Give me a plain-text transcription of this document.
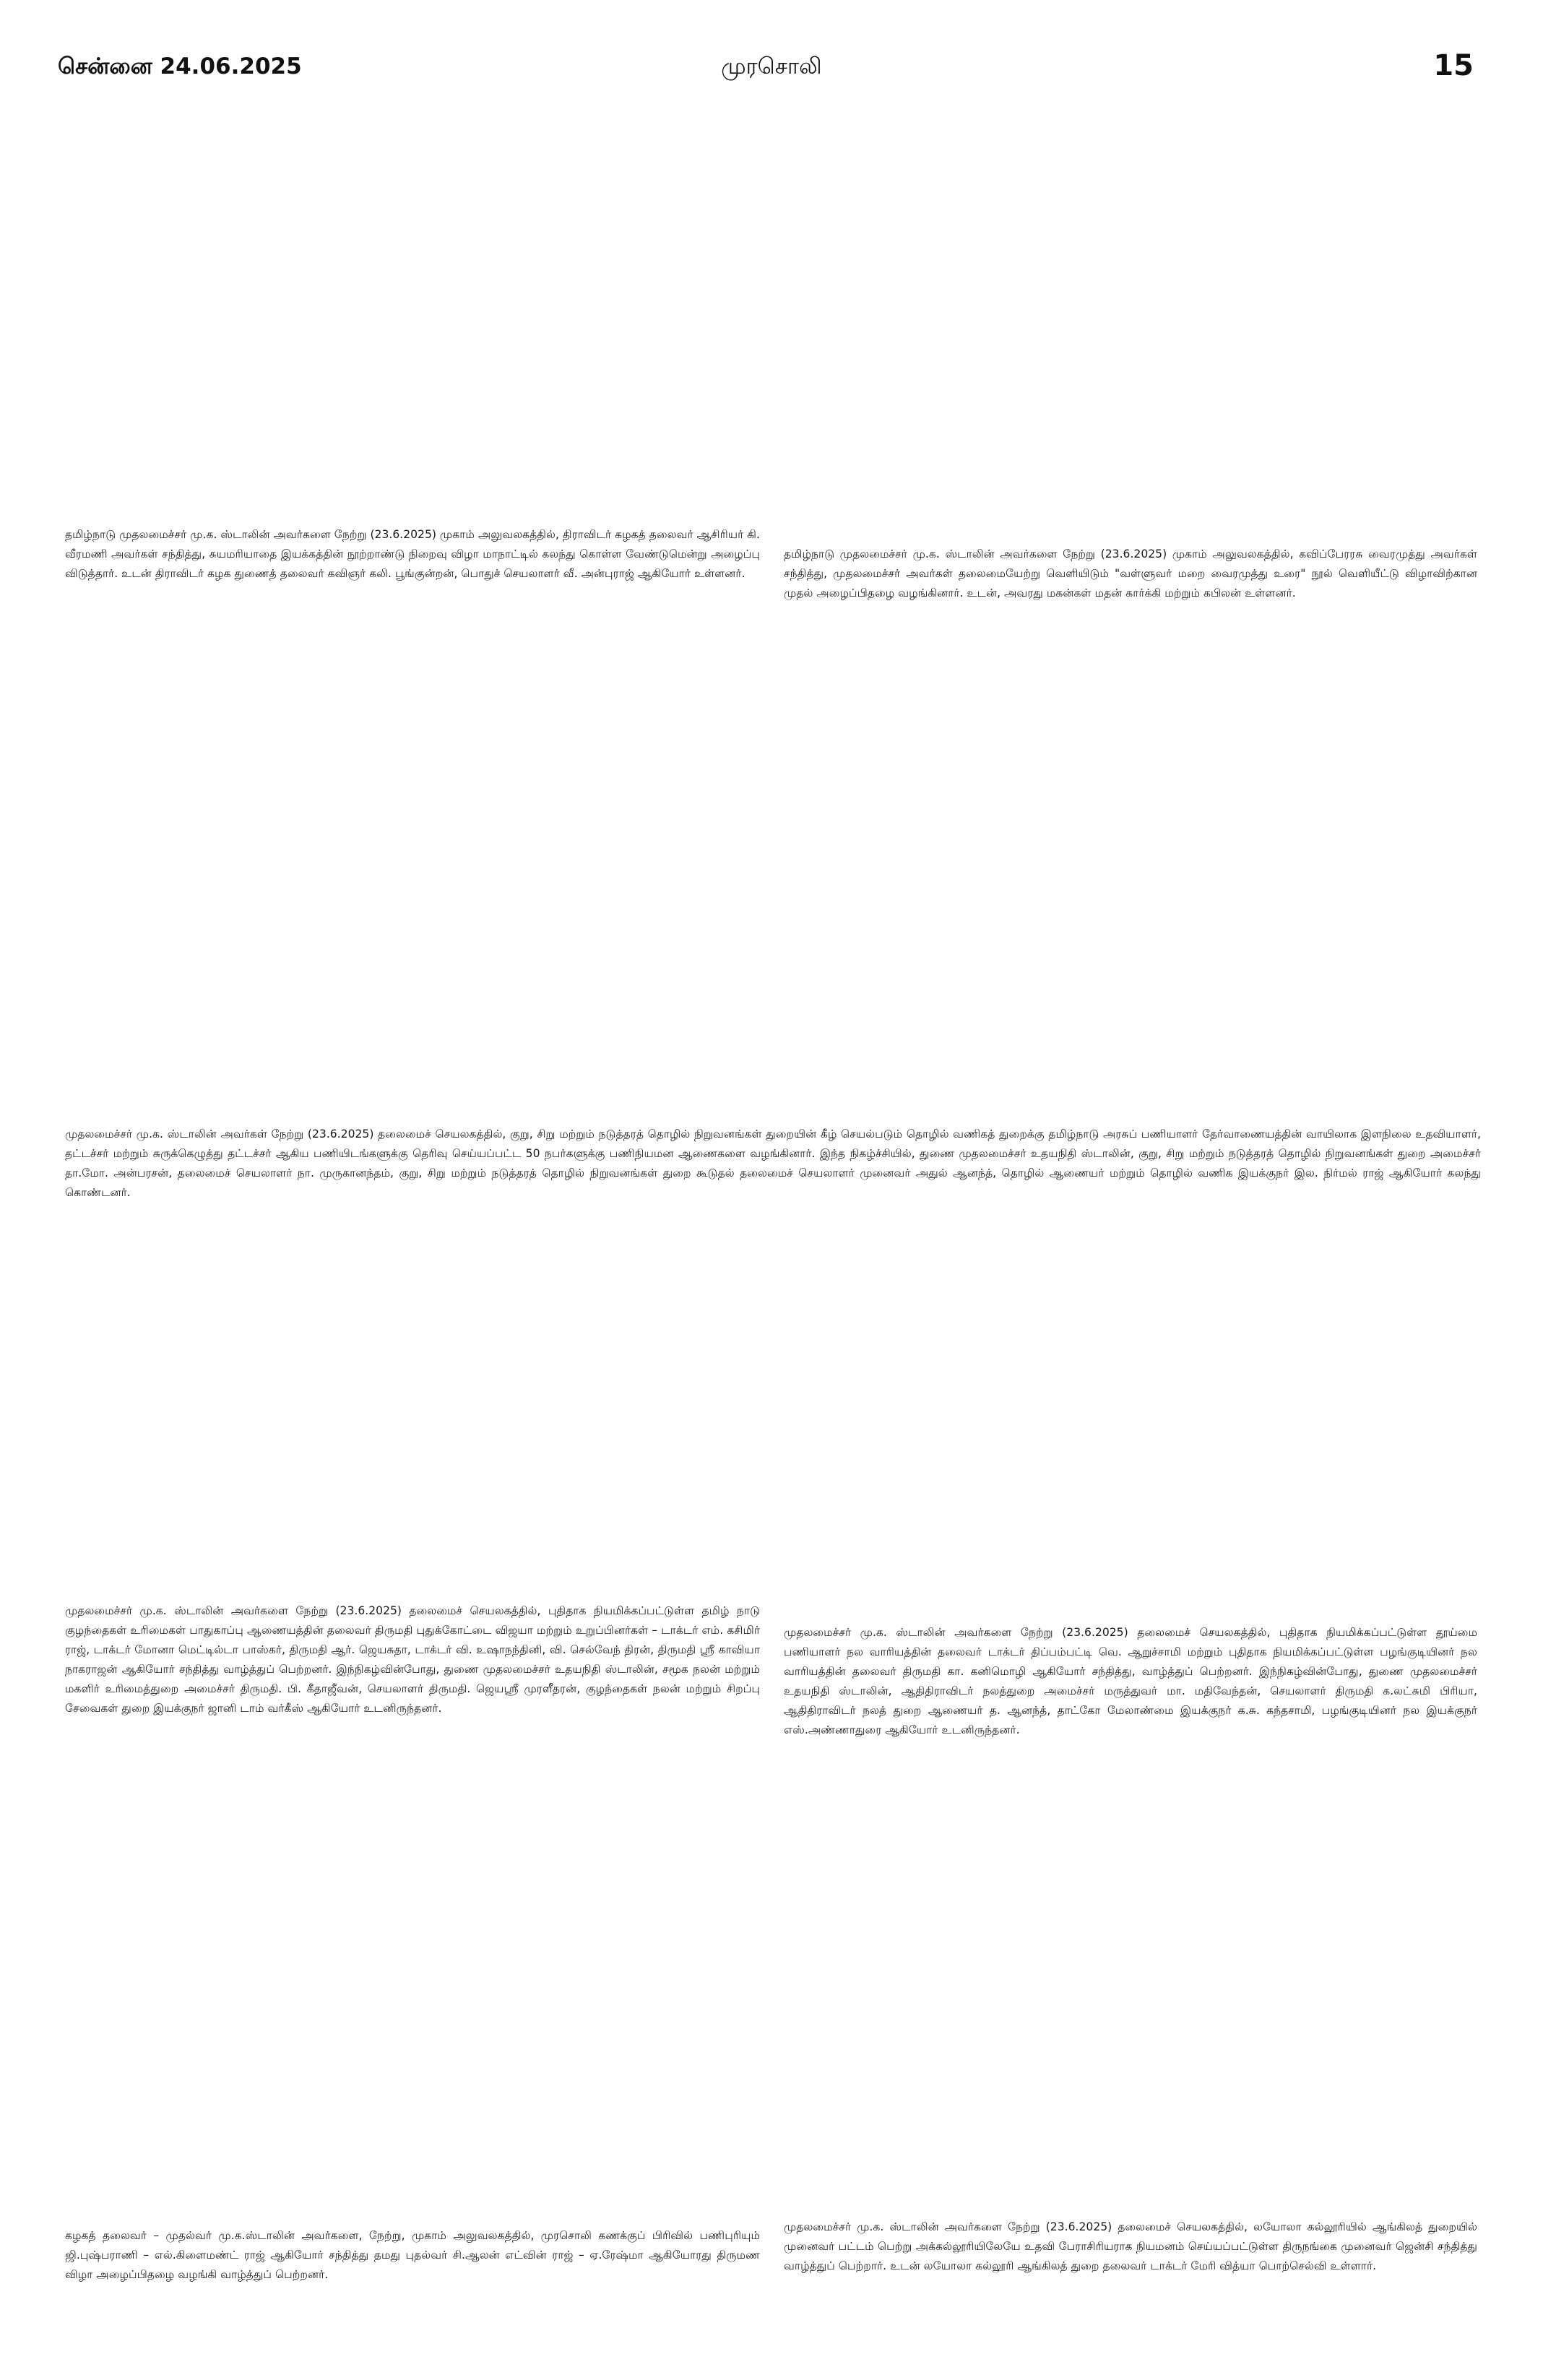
சென்னை 24.06.2025	முரசொலி	15
தமிழ்நாடு முதலமைச்சர் மு.க. ஸ்டாலின் அவர்களை நேற்று (23.6.2025) முகாம் அலுவலகத்தில், திராவிடர் கழகத் தலைவர் ஆசிரியர் கி. வீரமணி அவர்கள் சந்தித்து, சுயமரியாதை இயக்கத்தின் நூற்றாண்டு நிறைவு விழா மாநாட்டில் கலந்து கொள்ள வேண்டுமென்று அழைப்பு விடுத்தார். உடன் திராவிடர் கழக துணைத் தலைவர் கவிஞர் கலி. பூங்குன்றன், பொதுச் செயலாளர் வீ. அன்புராஜ் ஆகியோர் உள்ளனர்.
தமிழ்நாடு முதலமைச்சர் மு.க. ஸ்டாலின் அவர்களை நேற்று (23.6.2025) முகாம் அலுவலகத்தில், கவிப்பேரரசு வைரமுத்து அவர்கள் சந்தித்து, முதலமைச்சர் அவர்கள் தலைமையேற்று வெளியிடும் "வள்ளுவர் மறை வைரமுத்து உரை" நூல் வெளியீட்டு விழாவிற்கான முதல் அழைப்பிதழை வழங்கினார். உடன், அவரது மகன்கள் மதன் கார்க்கி மற்றும் கபிலன் உள்ளனர்.
முதலமைச்சர் மு.க. ஸ்டாலின் அவர்கள் நேற்று (23.6.2025) தலைமைச் செயலகத்தில், குறு, சிறு மற்றும் நடுத்தரத் தொழில் நிறுவனங்கள் துறையின் கீழ் செயல்படும் தொழில் வணிகத் துறைக்கு தமிழ்நாடு அரசுப் பணியாளர் தேர்வாணையத்தின் வாயிலாக இளநிலை உதவியாளர், தட்டச்சர் மற்றும் சுருக்கெழுத்து தட்டச்சர் ஆகிய பணியிடங்களுக்கு தெரிவு செய்யப்பட்ட 50 நபர்களுக்கு பணிநியமன ஆணைகளை வழங்கினார். இந்த நிகழ்ச்சியில், துணை முதலமைச்சர் உதயநிதி ஸ்டாலின், குறு, சிறு மற்றும் நடுத்தரத் தொழில் நிறுவனங்கள் துறை அமைச்சர் தா.மோ. அன்பரசன், தலைமைச் செயலாளர் நா. முருகானந்தம், குறு, சிறு மற்றும் நடுத்தரத் தொழில் நிறுவனங்கள் துறை கூடுதல் தலைமைச் செயலாளர் முனைவர் அதுல் ஆனந்த், தொழில் ஆணையர் மற்றும் தொழில் வணிக இயக்குநர் இல. நிர்மல் ராஜ் ஆகியோர் கலந்து கொண்டனர்.
முதலமைச்சர் மு.க. ஸ்டாலின் அவர்களை நேற்று (23.6.2025) தலைமைச் செயலகத்தில், புதிதாக நியமிக்கப்பட்டுள்ள தமிழ் நாடு குழந்தைகள் உரிமைகள் பாதுகாப்பு ஆணையத்தின் தலைவர் திருமதி புதுக்கோட்டை விஜயா மற்றும் உறுப்பினர்கள் – டாக்டர் எம். கசிமிர் ராஜ், டாக்டர் மோனா மெட்டில்டா பாஸ்கர், திருமதி ஆர். ஜெயசுதா, டாக்டர் வி. உஷாநந்தினி, வி. செல்வேந் திரன், திருமதி ஸ்ரீ காவியா நாகராஜன் ஆகியோர் சந்தித்து வாழ்த்துப் பெற்றனர். இந்நிகழ்வின்போது, துணை முதலமைச்சர் உதயநிதி ஸ்டாலின், சமூக நலன் மற்றும் மகளிர் உரிமைத்துறை அமைச்சர் திருமதி. பி. கீதாஜீவன், செயலாளர் திருமதி. ஜெயஸ்ரீ முரளீதரன், குழந்தைகள் நலன் மற்றும் சிறப்பு சேவைகள் துறை இயக்குநர் ஜானி டாம் வர்கீஸ் ஆகியோர் உடனிருந்தனர்.
முதலமைச்சர் மு.க. ஸ்டாலின் அவர்களை நேற்று (23.6.2025) தலைமைச் செயலகத்தில், புதிதாக நியமிக்கப்பட்டுள்ள தூய்மை பணியாளர் நல வாரியத்தின் தலைவர் டாக்டர் திப்பம்பட்டி வெ. ஆறுச்சாமி மற்றும் புதிதாக நியமிக்கப்பட்டுள்ள பழங்குடியினர் நல வாரியத்தின் தலைவர் திருமதி கா. கனிமொழி ஆகியோர் சந்தித்து, வாழ்த்துப் பெற்றனர். இந்நிகழ்வின்போது, துணை முதலமைச்சர் உதயநிதி ஸ்டாலின், ஆதிதிராவிடர் நலத்துறை அமைச்சர் மருத்துவர் மா. மதிவேந்தன், செயலாளர் திருமதி க.லட்சுமி பிரியா, ஆதிதிராவிடர் நலத் துறை ஆணையர் த. ஆனந்த், தாட்கோ மேலாண்மை இயக்குநர் க.சு. கந்தசாமி, பழங்குடியினர் நல இயக்குநர் எஸ்.அண்ணாதுரை ஆகியோர் உடனிருந்தனர்.
கழகத் தலைவர் – முதல்வர் மு.க.ஸ்டாலின் அவர்களை, நேற்று, முகாம் அலுவலகத்தில், முரசொலி கணக்குப் பிரிவில் பணிபுரியும் ஜி.புஷ்பராணி – எல்.கிளைமண்ட் ராஜ் ஆகியோர் சந்தித்து தமது புதல்வர் சி.ஆலன் எட்வின் ராஜ் – ஏ.ரேஷ்மா ஆகியோரது திருமண விழா அழைப்பிதழை வழங்கி வாழ்த்துப் பெற்றனர்.
முதலமைச்சர் மு.க. ஸ்டாலின் அவர்களை நேற்று (23.6.2025) தலைமைச் செயலகத்தில், லயோலா கல்லூரியில் ஆங்கிலத் துறையில் முனைவர் பட்டம் பெற்று அக்கல்லூரியிலேயே உதவி பேராசிரியராக நியமனம் செய்யப்பட்டுள்ள திருநங்கை முனைவர் ஜென்சி சந்தித்து வாழ்த்துப் பெற்றார். உடன் லயோலா கல்லூரி ஆங்கிலத் துறை தலைவர் டாக்டர் மேரி வித்யா பொற்செல்வி உள்ளார்.
